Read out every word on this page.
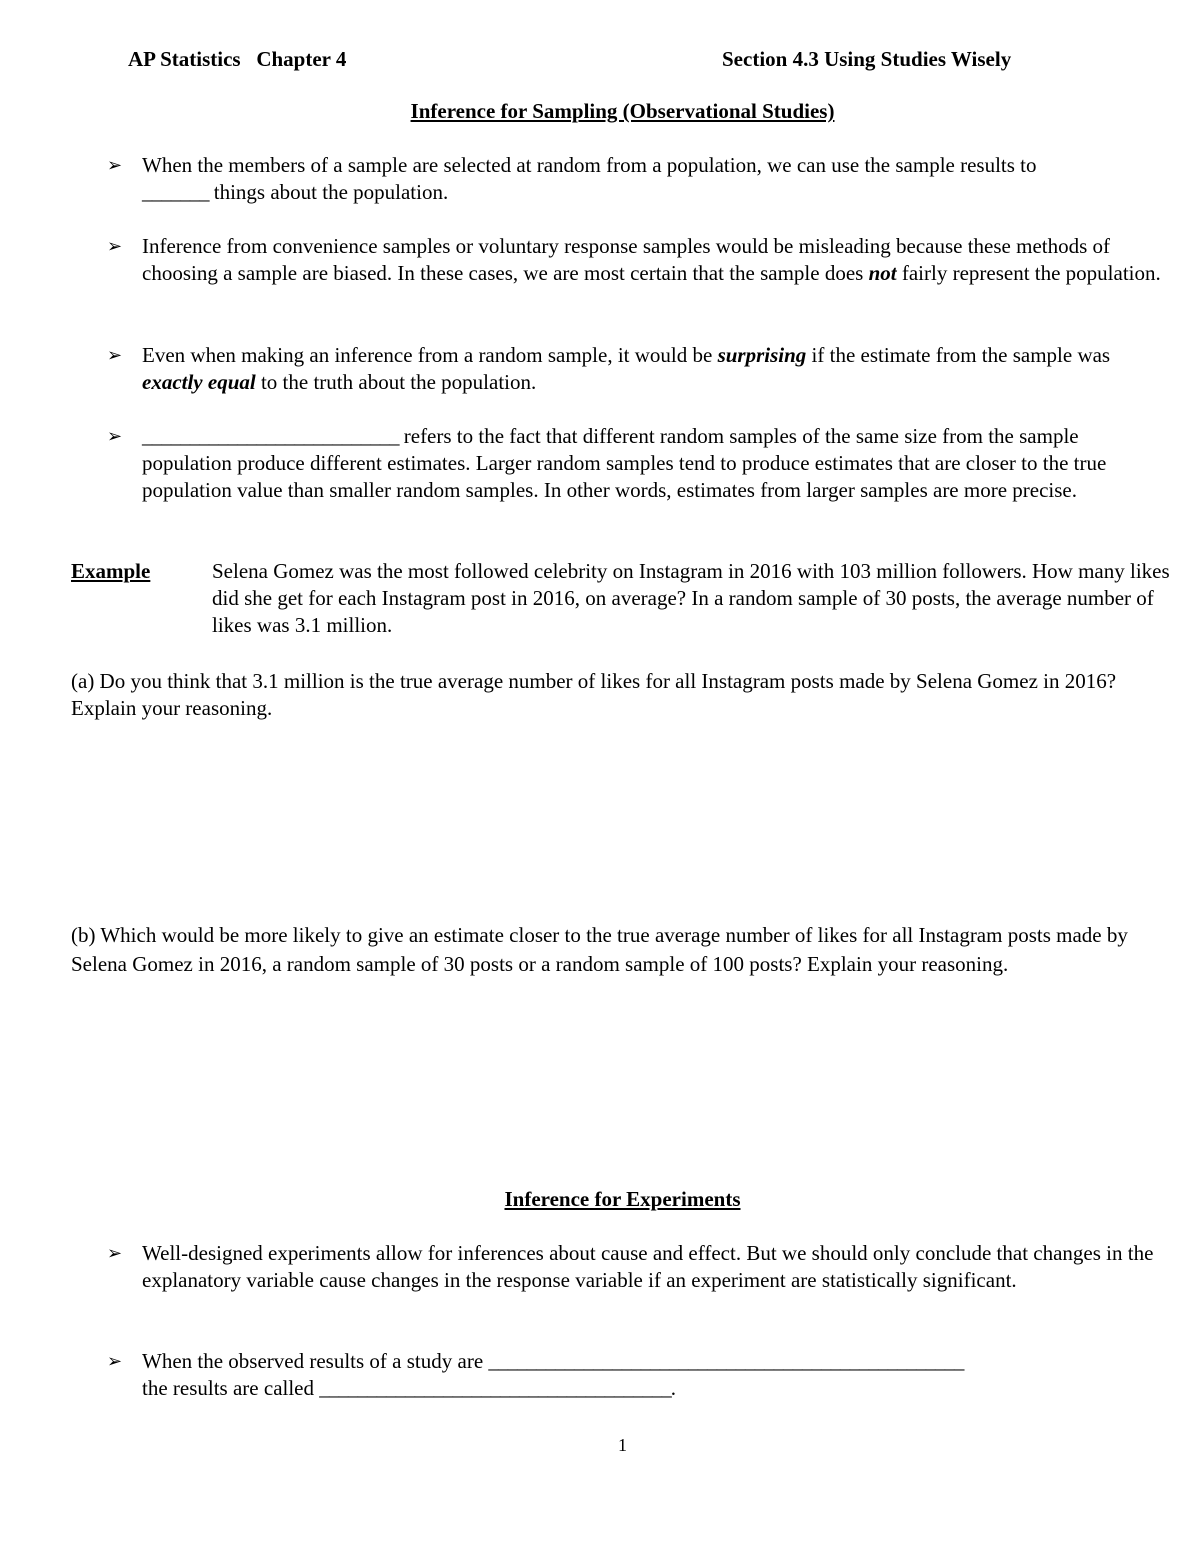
AP Statistics   Chapter 4	Section 4.3 Using Studies Wisely
Inference for Sampling (Observational Studies)
➢ When the members of a sample are selected at random from a population, we can use the sample results to
_______ things about the population.
➢ Inference from convenience samples or voluntary response samples would be misleading because these methods of choosing a sample are biased. In these cases, we are most certain that the sample does not fairly represent the population.
➢ Even when making an inference from a random sample, it would be surprising if the estimate from the sample was exactly equal to the truth about the population.
➢ ___________________________ refers to the fact that different random samples of the same size from the sample population produce different estimates. Larger random samples tend to produce estimates that are closer to the true population value than smaller random samples. In other words, estimates from larger samples are more precise.
Example	Selena Gomez was the most followed celebrity on Instagram in 2016 with 103 million followers. How many likes did she get for each Instagram post in 2016, on average? In a random sample of 30 posts, the average number of likes was 3.1 million.
(a) Do you think that 3.1 million is the true average number of likes for all Instagram posts made by Selena Gomez in 2016? Explain your reasoning.
(b) Which would be more likely to give an estimate closer to the true average number of likes for all Instagram posts made by Selena Gomez in 2016, a random sample of 30 posts or a random sample of 100 posts? Explain your reasoning.
Inference for Experiments
➢ Well-designed experiments allow for inferences about cause and effect. But we should only conclude that changes in the explanatory variable cause changes in the response variable if an experiment are statistically significant.
➢ When the observed results of a study are __________________________________________________
the results are called _____________________________________.
1
